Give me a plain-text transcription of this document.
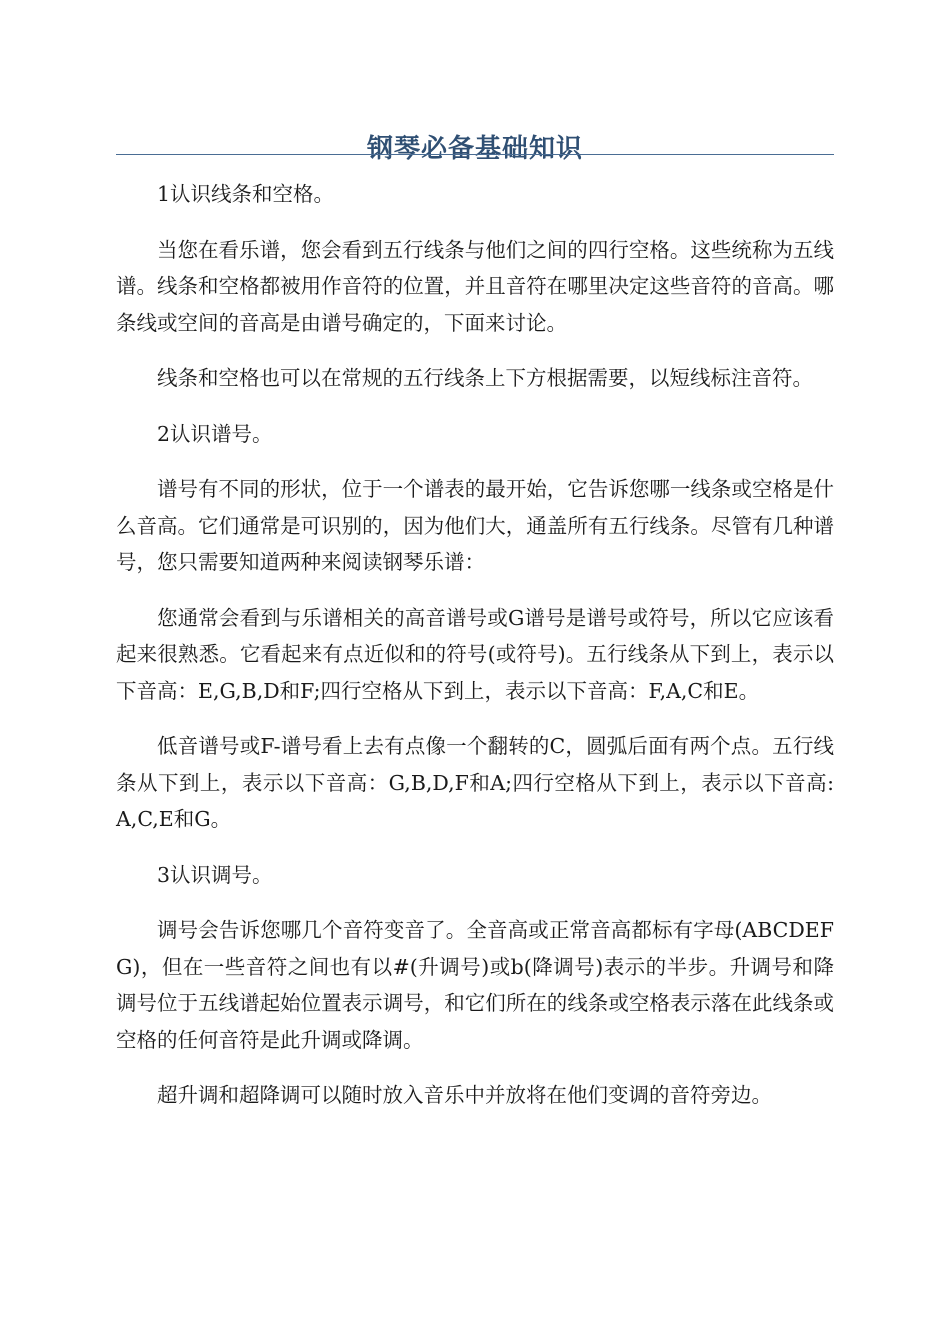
钢琴必备基础知识

1认识线条和空格。

当您在看乐谱，您会看到五行线条与他们之间的四行空格。这些统称为五线谱。线条和空格都被用作音符的位置，并且音符在哪里决定这些音符的音高。哪条线或空间的音高是由谱号确定的，下面来讨论。

线条和空格也可以在常规的五行线条上下方根据需要，以短线标注音符。

2认识谱号。

谱号有不同的形状，位于一个谱表的最开始，它告诉您哪一线条或空格是什么音高。它们通常是可识别的，因为他们大，通盖所有五行线条。尽管有几种谱号，您只需要知道两种来阅读钢琴乐谱：

您通常会看到与乐谱相关的高音谱号或G谱号是谱号或符号，所以它应该看起来很熟悉。它看起来有点近似和的符号(或符号)。五行线条从下到上，表示以下音高：E,G,B,D和F;四行空格从下到上，表示以下音高：F,A,C和E。

低音谱号或F-谱号看上去有点像一个翻转的C，圆弧后面有两个点。五行线条从下到上，表示以下音高：G,B,D,F和A;四行空格从下到上，表示以下音高:A,C,E和G。

3认识调号。

调号会告诉您哪几个音符变音了。全音高或正常音高都标有字母(ABCDEFG)，但在一些音符之间也有以#(升调号)或b(降调号)表示的半步。升调号和降调号位于五线谱起始位置表示调号，和它们所在的线条或空格表示落在此线条或空格的任何音符是此升调或降调。

超升调和超降调可以随时放入音乐中并放将在他们变调的音符旁边。
